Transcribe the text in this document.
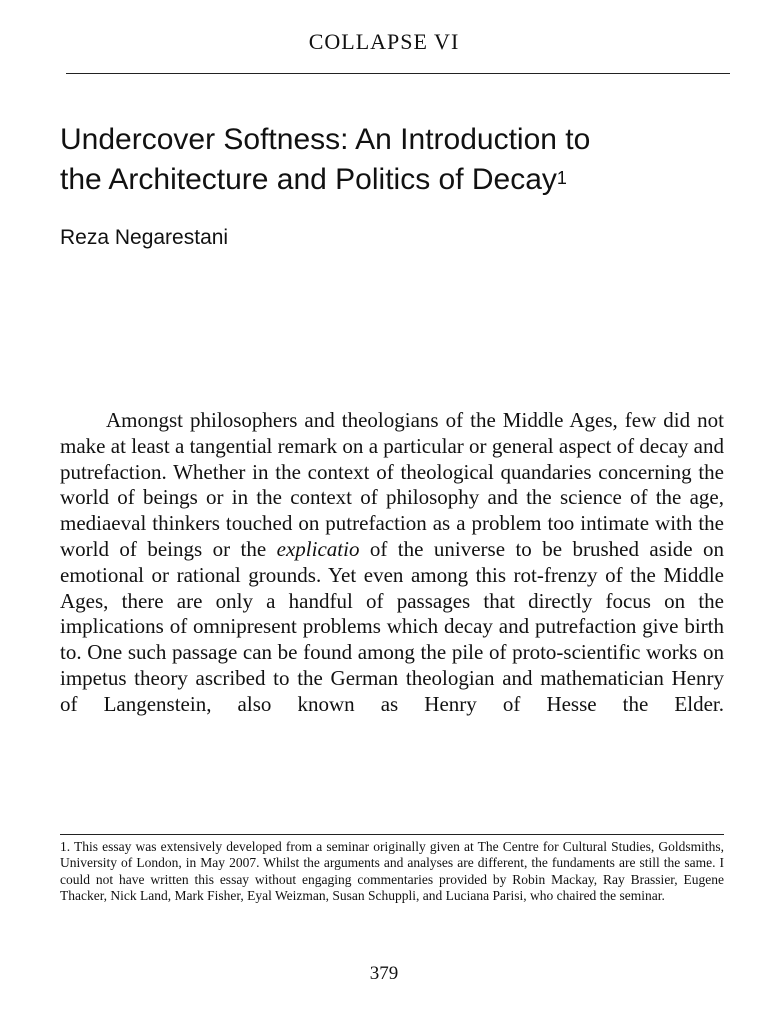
COLLAPSE VI
Undercover Softness: An Introduction to
the Architecture and Politics of Decay$^1$
Reza Negarestani

Amongst philosophers and theologians of the Middle Ages, few did not make at least a tangential remark on a particular or general aspect of decay and putrefaction. Whether in the context of theological quandaries concerning the world of beings or in the context of philosophy and the science of the age, mediaeval thinkers touched on putrefaction as a problem too intimate with the world of beings or the explicatio of the universe to be brushed aside on emotional or rational grounds. Yet even among this rot-frenzy of the Middle Ages, there are only a handful of passages that directly focus on the implications of omnipresent problems which decay and putrefaction give birth to. One such passage can be found among the pile of proto-scientific works on impetus theory ascribed to the German theologian and mathematician Henry of Langenstein, also known as Henry of Hesse the Elder.

1. This essay was extensively developed from a seminar originally given at The Centre for Cultural Studies, Goldsmiths, University of London, in May 2007. Whilst the arguments and analyses are different, the fundaments are still the same. I could not have written this essay without engaging commentaries provided by Robin Mackay, Ray Brassier, Eugene Thacker, Nick Land, Mark Fisher, Eyal Weizman, Susan Schuppli, and Luciana Parisi, who chaired the seminar.

379
